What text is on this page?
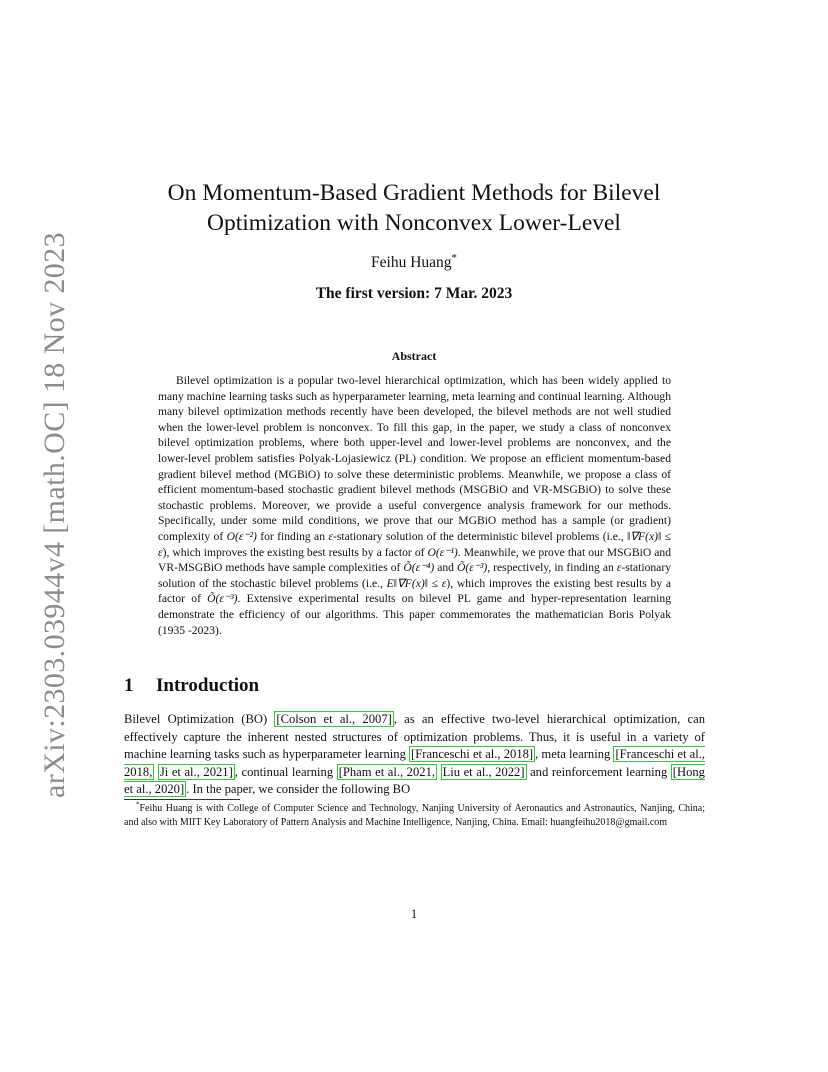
arXiv:2303.03944v4 [math.OC] 18 Nov 2023
On Momentum-Based Gradient Methods for Bilevel
Optimization with Nonconvex Lower-Level
Feihu Huang*
The first version: 7 Mar. 2023
Abstract

Bilevel optimization is a popular two-level hierarchical optimization, which has been widely applied to many machine learning tasks such as hyperparameter learning, meta learning and continual learning. Although many bilevel optimization methods recently have been developed, the bilevel methods are not well studied when the lower-level problem is nonconvex. To fill this gap, in the paper, we study a class of nonconvex bilevel optimization problems, where both upper-level and lower-level problems are nonconvex, and the lower-level problem satisfies Polyak-Lojasiewicz (PL) condition. We propose an efficient momentum-based gradient bilevel method (MGBiO) to solve these deterministic problems. Meanwhile, we propose a class of efficient momentum-based stochastic gradient bilevel methods (MSGBiO and VR-MSGBiO) to solve these stochastic problems. Moreover, we provide a useful convergence analysis framework for our methods. Specifically, under some mild conditions, we prove that our MGBiO method has a sample (or gradient) complexity of O(ε⁻²) for finding an ε-stationary solution of the deterministic bilevel problems (i.e., ‖∇F(x)‖ ≤ ε), which improves the existing best results by a factor of O(ε⁻¹). Meanwhile, we prove that our MSGBiO and VR-MSGBiO methods have sample complexities of Õ(ε⁻⁴) and Õ(ε⁻³), respectively, in finding an ε-stationary solution of the stochastic bilevel problems (i.e., E‖∇F(x)‖ ≤ ε), which improves the existing best results by a factor of Õ(ε⁻³). Extensive experimental results on bilevel PL game and hyper-representation learning demonstrate the efficiency of our algorithms. This paper commemorates the mathematician Boris Polyak (1935 -2023).

1 Introduction

Bilevel Optimization (BO) [Colson et al., 2007] , as an effective two-level hierarchical optimization, can effectively capture the inherent nested structures of optimization problems. Thus, it is useful in a variety of machine learning tasks such as hyperparameter learning [Franceschi et al., 2018] , meta learning [Franceschi et al., 2018, Ji et al., 2021] , continual learning [Pham et al., 2021, Liu et al., 2022] and reinforcement learning [Hong et al., 2020] . In the paper, we consider the following BO

*Feihu Huang is with College of Computer Science and Technology, Nanjing University of Aeronautics and Astronautics, Nanjing, China; and also with MIIT Key Laboratory of Pattern Analysis and Machine Intelligence, Nanjing, China. Email: huangfeihu2018@gmail.com

1
